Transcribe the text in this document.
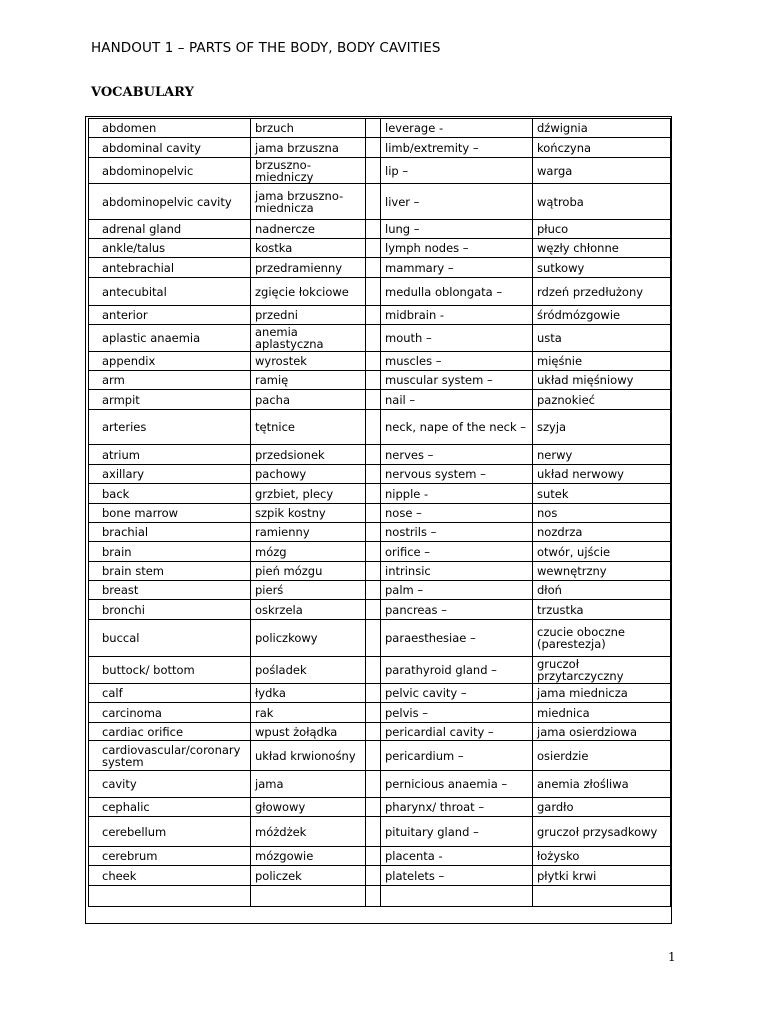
HANDOUT 1 – PARTS OF THE BODY, BODY CAVITIES
VOCABULARY
abdomen	brzuch		leverage -	dźwignia
abdominal cavity	jama brzuszna		limb/extremity –	kończyna
abdominopelvic	brzuszno-miedniczy		lip –	warga
abdominopelvic cavity	jama brzuszno-miednicza		liver –	wątroba
adrenal gland	nadnercze		lung –	płuco
ankle/talus	kostka		lymph nodes –	węzły chłonne
antebrachial	przedramienny		mammary –	sutkowy
antecubital	zgięcie łokciowe		medulla oblongata –	rdzeń przedłużony
anterior	przedni		midbrain -	śródmózgowie
aplastic anaemia	anemia aplastyczna		mouth –	usta
appendix	wyrostek		muscles –	mięśnie
arm	ramię		muscular system –	układ mięśniowy
armpit	pacha		nail –	paznokieć
arteries	tętnice		neck, nape of the neck –	szyja
atrium	przedsionek		nerves –	nerwy
axillary	pachowy		nervous system –	układ nerwowy
back	grzbiet, plecy		nipple -	sutek
bone marrow	szpik kostny		nose –	nos
brachial	ramienny		nostrils –	nozdrza
brain	mózg		orifice –	otwór, ujście
brain stem	pień mózgu		intrinsic	wewnętrzny
breast	pierś		palm –	dłoń
bronchi	oskrzela		pancreas –	trzustka
buccal	policzkowy		paraesthesiae –	czucie oboczne (parestezja)
buttock/ bottom	pośladek		parathyroid gland –	gruczoł przytarczyczny
calf	łydka		pelvic cavity –	jama miednicza
carcinoma	rak		pelvis –	miednica
cardiac orifice	wpust żołądka		pericardial cavity –	jama osierdziowa
cardiovascular/coronary system	układ krwionośny		pericardium –	osierdzie
cavity	jama		pernicious anaemia –	anemia złośliwa
cephalic	głowowy		pharynx/ throat –	gardło
cerebellum	móżdżek		pituitary gland –	gruczoł przysadkowy
cerebrum	mózgowie		placenta -	łożysko
cheek	policzek		platelets –	płytki krwi

1
